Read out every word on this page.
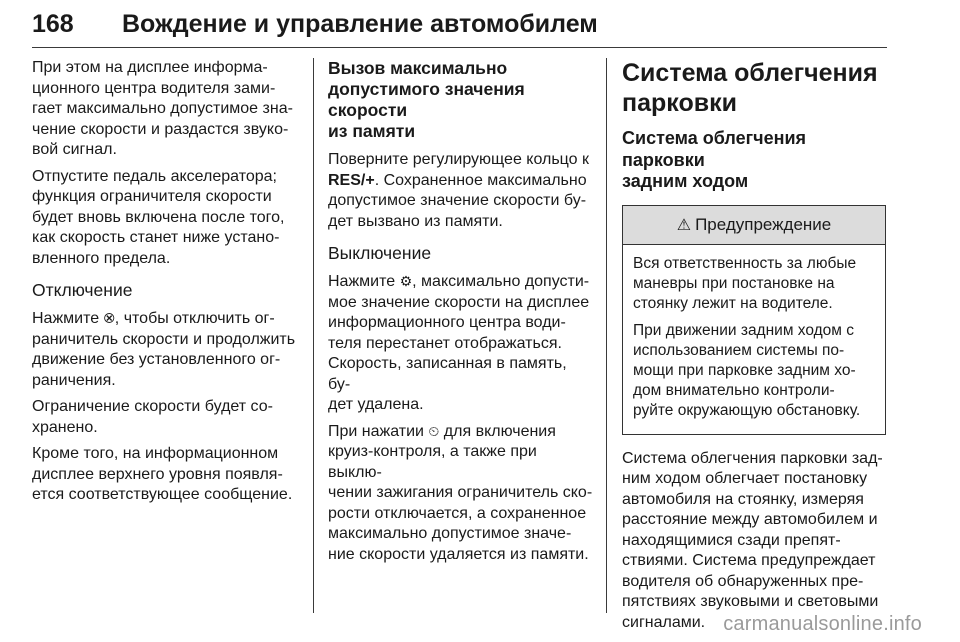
168 Вождение и управление автомобилем

При этом на дисплее информа-
ционного центра водителя зами-
гает максимально допустимое зна-
чение скорости и раздастся звуко-
вой сигнал.

Отпустите педаль акселератора;
функция ограничителя скорости
будет вновь включена после того,
как скорость станет ниже устано-
вленного предела.

Отключение

Нажмите ⮿, чтобы отключить ог-
раничитель скорости и продолжить
движение без установленного ог-
раничения.

Ограничение скорости будет со-
хранено.

Кроме того, на информационном
дисплее верхнего уровня появля-
ется соответствующее сообщение.

Вызов максимально
допустимого значения скорости
из памяти

Поверните регулирующее кольцо к
RES/+. Сохраненное максимально
допустимое значение скорости бу-
дет вызвано из памяти.

Выключение

Нажмите ⚙, максимально допусти-
мое значение скорости на дисплее
информационного центра води-
теля перестанет отображаться.
Скорость, записанная в память, бу-
дет удалена.

При нажатии ⏲ для включения
круиз-контроля, а также при выклю-
чении зажигания ограничитель ско-
рости отключается, а сохраненное
максимально допустимое значе-
ние скорости удаляется из памяти.

Система облегчения
парковки
Система облегчения парковки
задним ходом
⚠ Предупреждение

Вся ответственность за любые
маневры при постановке на
стоянку лежит на водителе.

При движении задним ходом с
использованием системы по-
мощи при парковке задним хо-
дом внимательно контроли-
руйте окружающую обстановку.

Система облегчения парковки зад-
ним ходом облегчает постановку
автомобиля на стоянку, измеряя
расстояние между автомобилем и
находящимися сзади препят-
ствиями. Система предупреждает
водителя об обнаруженных пре-
пятствиях звуковыми и световыми
сигналами. carmanualsonline.info
